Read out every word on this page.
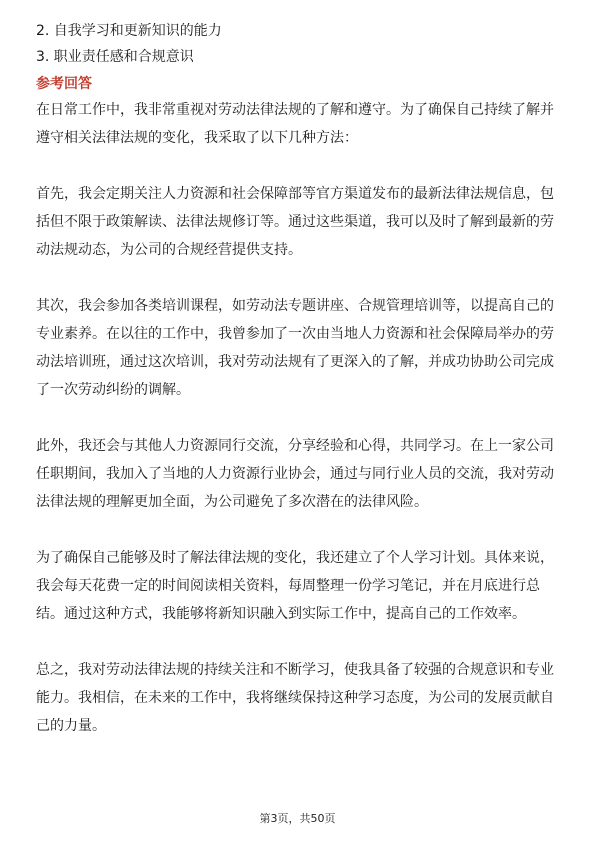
2. 自我学习和更新知识的能力
3. 职业责任感和合规意识
参考回答

在日常工作中，我非常重视对劳动法律法规的了解和遵守。为了确保自己持续了解并遵守相关法律法规的变化，我采取了以下几种方法：

首先，我会定期关注人力资源和社会保障部等官方渠道发布的最新法律法规信息，包括但不限于政策解读、法律法规修订等。通过这些渠道，我可以及时了解到最新的劳动法规动态，为公司的合规经营提供支持。

其次，我会参加各类培训课程，如劳动法专题讲座、合规管理培训等，以提高自己的专业素养。在以往的工作中，我曾参加了一次由当地人力资源和社会保障局举办的劳动法培训班，通过这次培训，我对劳动法规有了更深入的了解，并成功协助公司完成了一次劳动纠纷的调解。

此外，我还会与其他人力资源同行交流，分享经验和心得，共同学习。在上一家公司任职期间，我加入了当地的人力资源行业协会，通过与同行业人员的交流，我对劳动法律法规的理解更加全面，为公司避免了多次潜在的法律风险。

为了确保自己能够及时了解法律法规的变化，我还建立了个人学习计划。具体来说，我会每天花费一定的时间阅读相关资料，每周整理一份学习笔记，并在月底进行总结。通过这种方式，我能够将新知识融入到实际工作中，提高自己的工作效率。

总之，我对劳动法律法规的持续关注和不断学习，使我具备了较强的合规意识和专业能力。我相信，在未来的工作中，我将继续保持这种学习态度，为公司的发展贡献自己的力量。

第3页，共50页
